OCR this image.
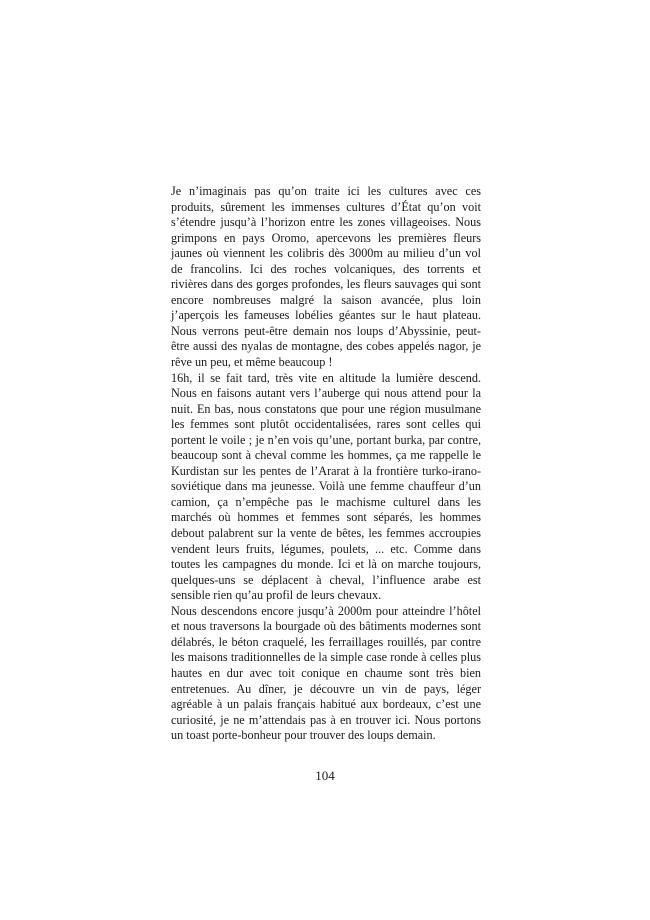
Je n’imaginais pas qu’on traite ici les cultures avec ces produits, sûrement les immenses cultures d’État qu’on voit s’étendre jusqu’à l’horizon entre les zones villageoises. Nous grimpons en pays Oromo, apercevons les premières fleurs jaunes où viennent les colibris dès 3000m au milieu d’un vol de francolins. Ici des roches volcaniques, des torrents et rivières dans des gorges profondes, les fleurs sauvages qui sont encore nombreuses malgré la saison avancée, plus loin j’aperçois les fameuses lobélies géantes sur le haut plateau. Nous verrons peut-être demain nos loups d’Abyssinie, peut-être aussi des nyalas de montagne, des cobes appelés nagor, je rêve un peu, et même beaucoup !

16h, il se fait tard, très vite en altitude la lumière descend. Nous en faisons autant vers l’auberge qui nous attend pour la nuit. En bas, nous constatons que pour une région musulmane les femmes sont plutôt occidentalisées, rares sont celles qui portent le voile ; je n’en vois qu’une, portant burka, par contre, beaucoup sont à cheval comme les hommes, ça me rappelle le Kurdistan sur les pentes de l’Ararat à la frontière turko-irano-soviétique dans ma jeunesse. Voilà une femme chauffeur d’un camion, ça n’empêche pas le machisme culturel dans les marchés où hommes et femmes sont séparés, les hommes debout palabrent sur la vente de bêtes, les femmes accroupies vendent leurs fruits, légumes, poulets, ... etc. Comme dans toutes les campagnes du monde. Ici et là on marche toujours, quelques-uns se déplacent à cheval, l’influence arabe est sensible rien qu’au profil de leurs chevaux.

Nous descendons encore jusqu’à 2000m pour atteindre l’hôtel et nous traversons la bourgade où des bâtiments modernes sont délabrés, le béton craquelé, les ferraillages rouillés, par contre les maisons traditionnelles de la simple case ronde à celles plus hautes en dur avec toit conique en chaume sont très bien entretenues. Au dîner, je découvre un vin de pays, léger agréable à un palais français habitué aux bordeaux, c’est une curiosité, je ne m’attendais pas à en trouver ici. Nous portons un toast porte-bonheur pour trouver des loups demain.

104
